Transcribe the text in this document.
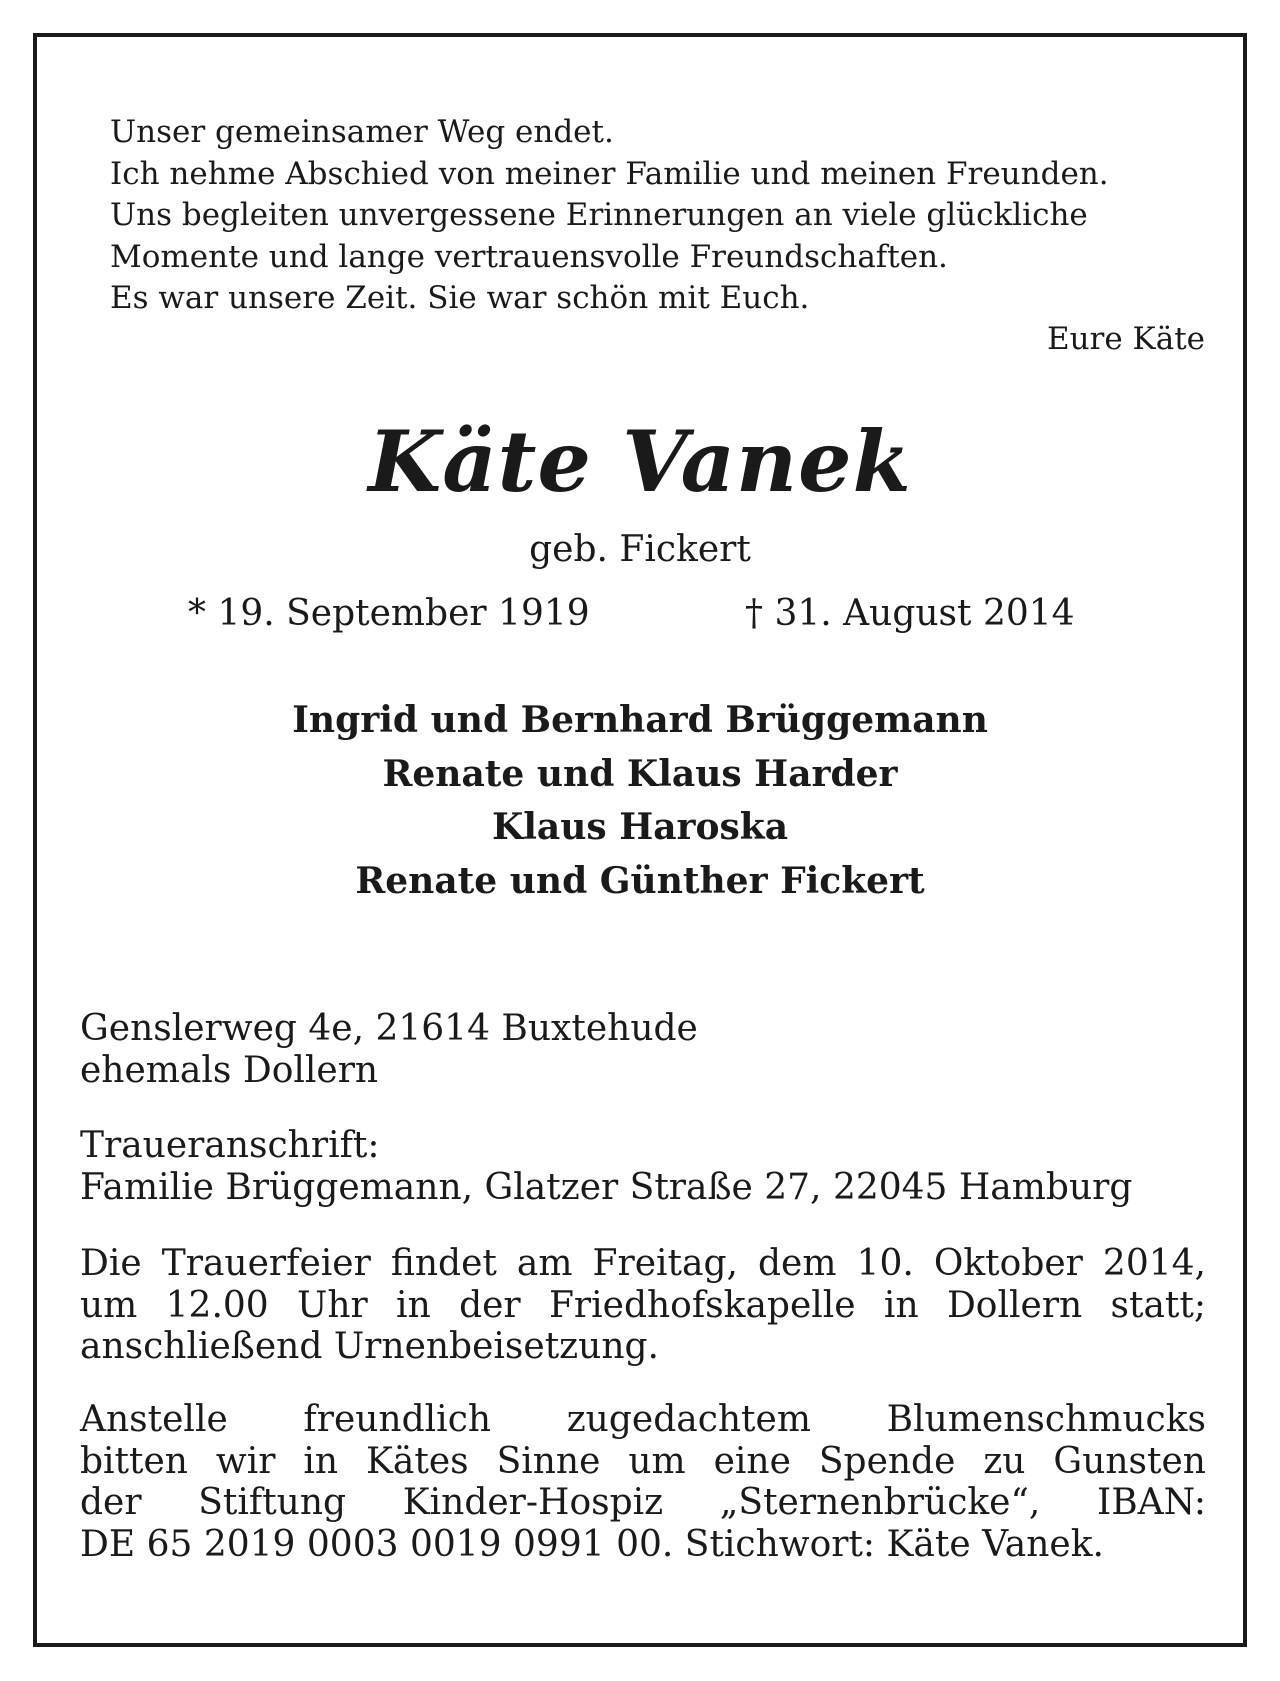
Unser gemeinsamer Weg endet.
Ich nehme Abschied von meiner Familie und meinen Freunden.
Uns begleiten unvergessene Erinnerungen an viele glückliche
Momente und lange vertrauensvolle Freundschaften.
Es war unsere Zeit. Sie war schön mit Euch.
Eure Käte
Käte Vanek
geb. Fickert
* 19. September 1919	† 31. August 2014
Ingrid und Bernhard Brüggemann
Renate und Klaus Harder
Klaus Haroska
Renate und Günther Fickert
Genslerweg 4e, 21614 Buxtehude
ehemals Dollern
Traueranschrift:
Familie Brüggemann, Glatzer Straße 27, 22045 Hamburg
Die Trauerfeier findet am Freitag, dem 10. Oktober 2014,
um 12.00 Uhr in der Friedhofskapelle in Dollern statt;
anschließend Urnenbeisetzung.
Anstelle freundlich zugedachtem Blumenschmucks
bitten wir in Kätes Sinne um eine Spende zu Gunsten
der Stiftung Kinder-Hospiz „Sternenbrücke“, IBAN:
DE 65 2019 0003 0019 0991 00. Stichwort: Käte Vanek.
